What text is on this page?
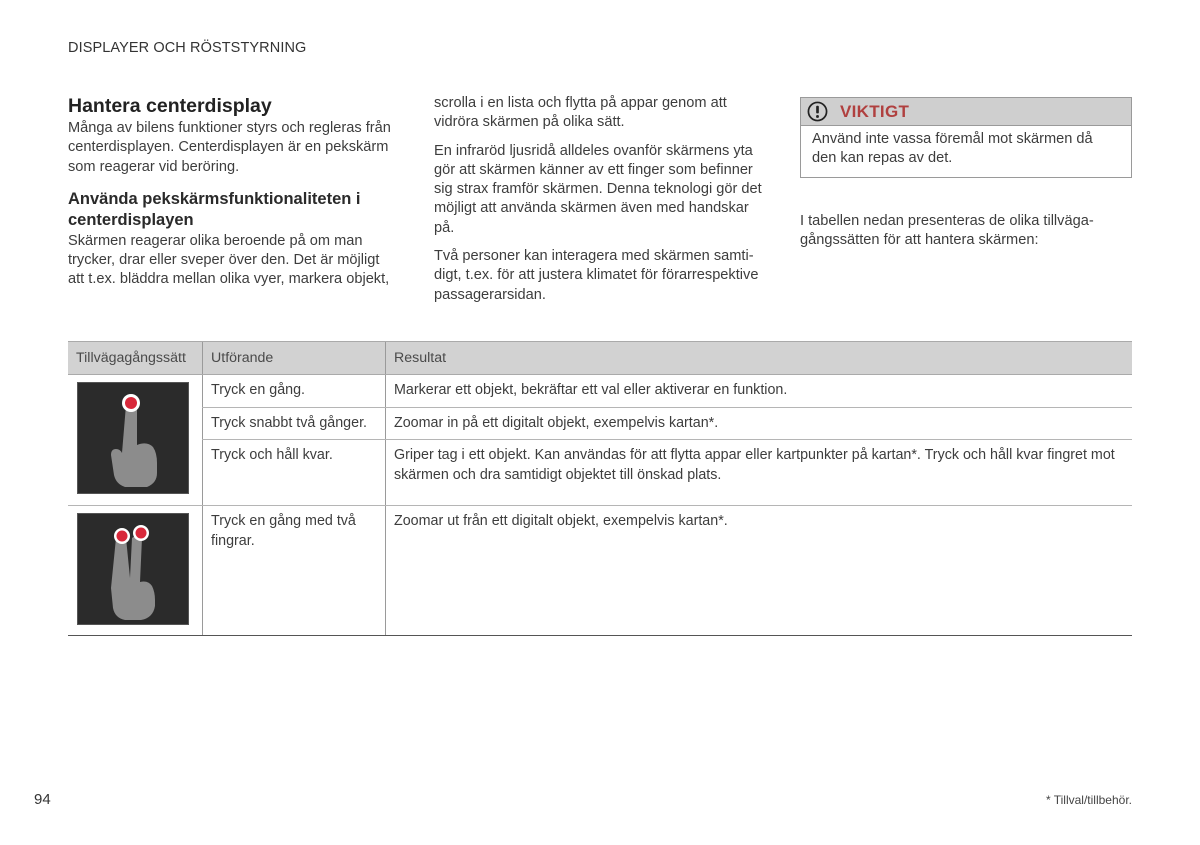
DISPLAYER OCH RÖSTSTYRNING
Hantera centerdisplay

Många av bilens funktioner styrs och regleras från centerdisplayen. Centerdisplayen är en pekskärm som reagerar vid beröring.

Använda pekskärmsfunktionaliteten i centerdisplayen

Skärmen reagerar olika beroende på om man trycker, drar eller sveper över den. Det är möjligt att t.ex. bläddra mellan olika vyer, markera objekt,

scrolla i en lista och flytta på appar genom att vidröra skärmen på olika sätt.

En infraröd ljusridå alldeles ovanför skärmens yta gör att skärmen känner av ett finger som befinner sig strax framför skärmen. Denna teknologi gör det möjligt att använda skärmen även med handskar på.

Två personer kan interagera med skärmen samtidigt, t.ex. för att justera klimatet för förarrespektive passagerarsidan.

VIKTIGT
Använd inte vassa föremål mot skärmen då den kan repas av det.
I tabellen nedan presenteras de olika tillvägagångssätten för att hantera skärmen:
Tillvägagångssätt	Utförande	Resultat

	Tryck en gång.	Markerar ett objekt, bekräftar ett val eller aktiverar en funktion.
	Tryck snabbt två gånger.	Zoomar in på ett digitalt objekt, exempelvis kartan*.
	Tryck och håll kvar.	Griper tag i ett objekt. Kan användas för att flytta appar eller kartpunkter på kartan*. Tryck och håll kvar fingret mot skärmen och dra samtidigt objektet till önskad plats.

	Tryck en gång med två fingrar.	Zoomar ut från ett digitalt objekt, exempelvis kartan*.
94	* Tillval/tillbehör.
